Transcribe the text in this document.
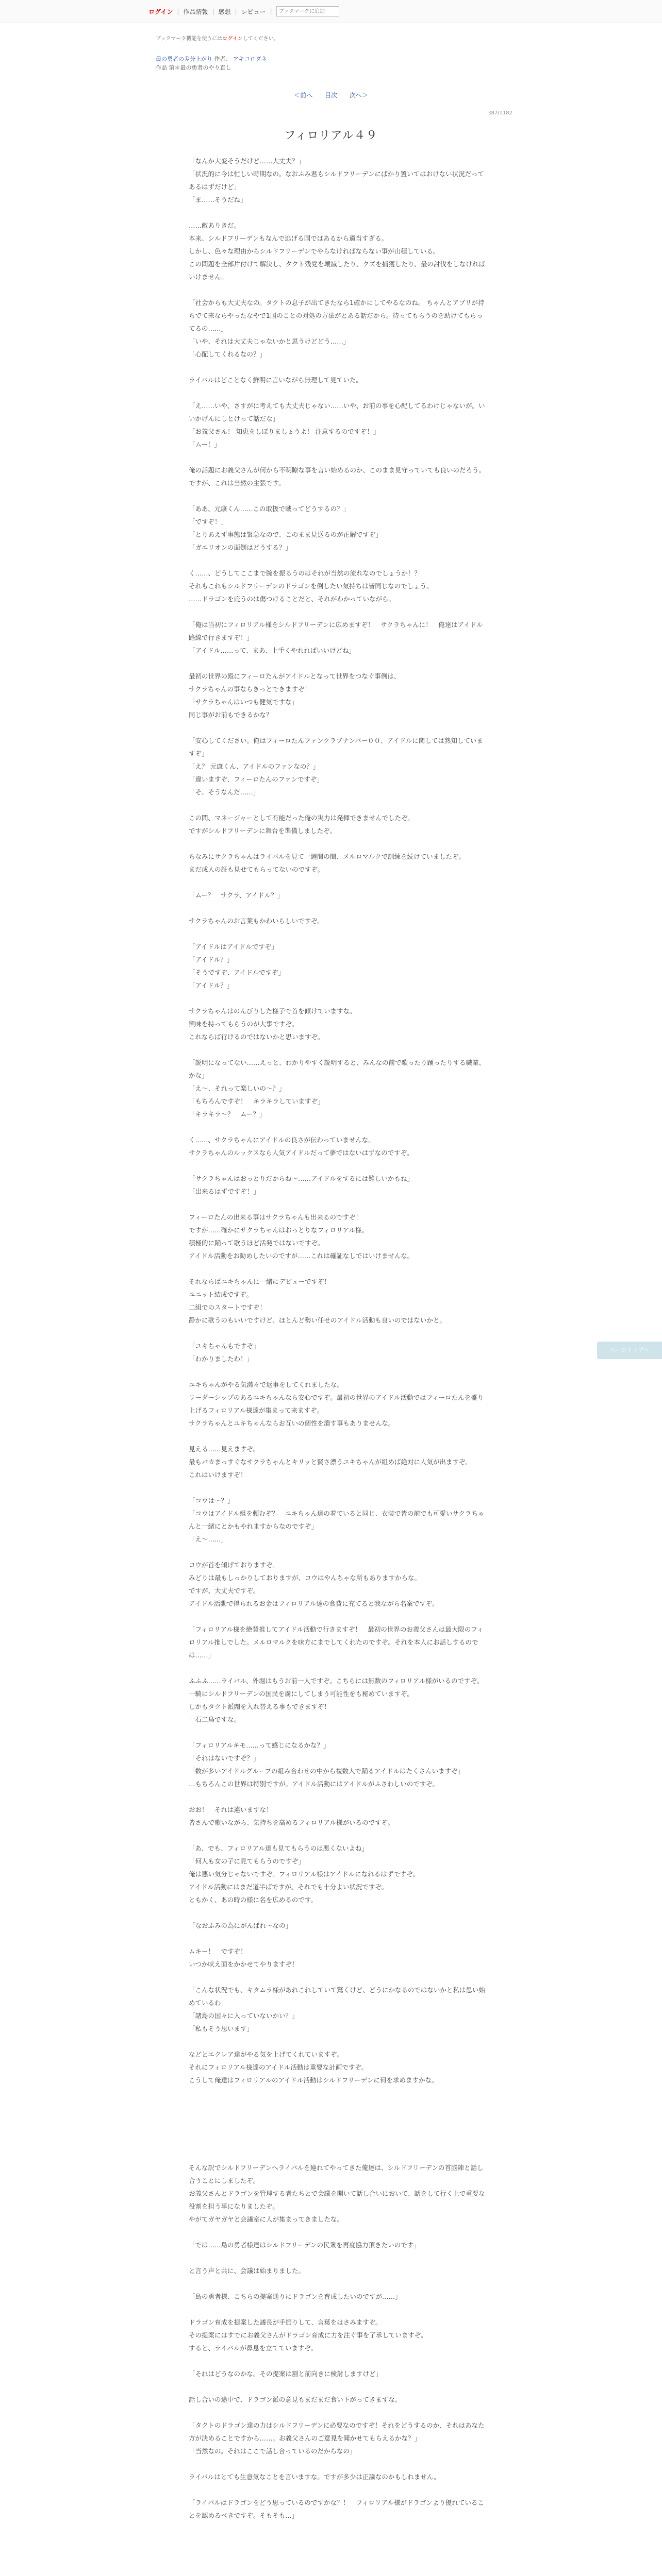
ログイン | 作品情報 | 感想 | レビュー |
ブックマークに追加
ブックマーク機能を使うにはログインしてください。
最の勇者の差分上がり 作者： アキコロダネ
作品 第＊最の勇者のやり直し
＜前へ 目次 次へ＞
387/1182
フィロリアル４９

「なんか大変そうだけど……大丈夫？」
「状況的に今は忙しい時期なの。なおふみ君もシルドフリーデンにばかり置いてはおけない状況だってあるはずだけど」
「ま……そうだね」

……敵ありきだ。
本来、シルドフリーデンもなんで逃げる国ではあるから適当すぎる。
しかし、色々な理由からシルドフリーデンでやらなければならない事が山積している。
この問題を全部片付けて解決し、タクト残党を壊滅したり、クズを捕獲したり、最の討伐をしなければいけません。

「社会からも大丈夫なの。タクトの息子が出てきたなら1確かにしてやるなのね。 ちゃんとアブリが持ちでて来ならやったなやで1国のことの対処の方法がとある話だから。待ってもらうのを助けてもらってるの……」
「いや、それは大丈夫じゃないかと思うけどどう……」
「心配してくれるなの？」

ライバルはどことなく鮮明に言いながら無理して見ていた。

「え……いや、さすがに考えても大丈夫じゃない……いや、お前の事を心配してるわけじゃないが。いいかげんにしとけって話だな」
「お義父さん！ 知恵をしぼりましょうよ！ 注意するのですぞ！」
「ムー！」

俺の話題にお義父さんが何から不明瞭な事を言い始めるのか、このまま見守っていても良いのだろう。
ですが、これは当然の主張です。

「ああ、元康くん……この取扱で戦ってどうするの？」
「ですぞ！」
「とりあえず事態は緊急なので、このまま見送るのが正解ですぞ」
「ガエリオンの面倒はどうする？」

く……、どうしてここまで腕を振るうのはそれが当然の流れなのでしょうか！？
それもこれもシルドフリーデンのドラゴンを倒したい気持ちは皆同じなのでしょう。
……ドラゴンを庇うのは傷つけることだと、それがわかっていながら。

「俺は当初にフィロリアル様をシルドフリーデンに広めますぞ！　サクラちゃんに！　俺達はアイドル路線で行きますぞ！」
「アイドル……って、まあ、上手くやれればいいけどね」

最初の世界の殿にフィーロたんがアイドルとなって世界をつなぐ事例は、
サクラちゃんの事ならきっとできますぞ！
「サクラちゃんはいつも健気ですな」
同じ事がお前もできるかな？

「安心してください。俺はフィーロたんファンクラブナンバー００、アイドルに関しては熟知していますぞ」
「え？ 元康くん、アイドルのファンなの？」
「違いますぞ、フィーロたんのファンですぞ」
「そ、そうなんだ……」

この間、マネージャーとして有能だった俺の実力は発揮できませんでしたぞ。
ですがシルドフリーデンに舞台を準備しましたぞ。

ちなみにサクラちゃんはライバルを見て一週間の間、メルロマルクで訓練を続けていましたぞ。
まだ成人の証も見せてもらってないのですぞ。

「ムー？　サクラ、アイドル？」

サクラちゃんのお言葉もかわいらしいですぞ。

「アイドルはアイドルですぞ」
「アイドル？」
「そうですぞ、アイドルですぞ」
「アイドル？」

サクラちゃんはのんびりした様子で首を傾けていますな。
興味を持ってもらうのが大事ですぞ。
これならば行けるのではないかと思いますぞ。

「説明になってない……えっと、わかりやすく説明すると、みんなの前で歌ったり踊ったりする職業、かな」
「え～、それって楽しいの～？」
「もちろんですぞ！　キラキラしていますぞ」
「キラキラ～？　ムー？」

く……、サクラちゃんにアイドルの良さが伝わっていませんな。
サクラちゃんのルックスなら人気アイドルだって夢ではないはずなのですぞ。

「サクラちゃんはおっとりだからね～……アイドルをするには難しいかもね」
「出来るはずですぞ！」

フィーロたんの出来る事はサクラちゃんも出来るのですぞ！
ですが……確かにサクラちゃんはおっとりなフィロリアル様。
積極的に踊って歌うほど活発ではないですぞ。
アイドル活動をお勧めしたいのですが……これは確証なしではいけませんな。

それならばユキちゃんに一緒にデビューですぞ！
ユニット結成ですぞ。
二組でのスタートですぞ！
静かに歌うのもいいですけど、ほとんど勢い任せのアイドル活動も良いのではないかと。

「ユキちゃんもですぞ」
「わかりましたわ！」

ユキちゃんがやる気満々で返事をしてくれましたな。
リーダーシップのあるユキちゃんなら安心ですぞ。最初の世界のアイドル活動ではフィーロたんを盛り上げるフィロリアル様達が集まって来ますぞ。
サクラちゃんとユキちゃんならお互いの個性を潰す事もありませんな。

見える……見えますぞ。
最もバカまっすぐなサクラちゃんとキリッと賢さ漂うユキちゃんが組めば絶対に人気が出ますぞ。
これはいけますぞ！

「コウは～？」
「コウはアイドル組を頼むぞ？　ユキちゃん達の着ていると同じ、衣装で皆の前でも可愛いサクラちゃんと一緒にとかもやれますからなのですぞ」
「え～……」

コウが首を傾げておりますぞ。
みどりは最もしっかりしておりますが、コウはやんちゃな所もありますからな。
ですが、大丈夫ですぞ。
アイドル活動で得られるお金はフィロリアル達の食費に充てると我ながら名案ですぞ。

「フィロリアル様を絶賛推してアイドル活動で行きますぞ！　最初の世界のお義父さんは最大限のフィロリアル推しでした。メルロマルクを味方にまでしてくれたのですぞ。それを本人にお話しするのでは……」

ふふふ……ライバル、外堀はもうお前一人ですぞ。こちらには無数のフィロリアル様がいるのですぞ。
一騎にシルドフリーデンの国民を虜にしてしまう可能性をも秘めていますぞ。
しかもタクト派閥を入れ替える事もできますぞ！
一石二鳥ですな。

「フィロリアルキモ……って感じになるかな？」
「それはないですぞ？」
「数が多いアイドルグループの組み合わせの中から複数人で踊るアイドルはたくさんいますぞ」
…もちろんこの世界は特別ですが。アイドル活動にはアイドルがふさわしいのですぞ。

おお！　それは違いますな！
皆さんで歌いながら、気持ちを高めるフィロリアル様がいるのですぞ。

「あ、でも、フィロリアル達も見てもらうのは悪くないよね」
「何人も女の子に見てもらうのですぞ」
俺は悪い気分じゃないですぞ。フィロリアル様はアイドルになれるはずですぞ。
アイドル活動にはまだ道半ばですが、それでも十分よい状況ですぞ。
ともかく、あの時の様に名を広めるのです。

「なおふみの為にがんばれ～なの」

ムキー！　ですぞ！
いつか吠え面をかかせてやりますぞ！

「こんな状況でも、キタムラ様があれこれしていて驚くけど、どうにかなるのではないかと私は思い始めているわ」
「諸島の国々に入っていないかい？」
「私もそう思います」

などとエクレア達がやる気を上げてくれていますぞ。
それにフィロリアル様達のアイドル活動は重要な計画ですぞ。
こうして俺達はフィロリアルのアイドル活動はシルドフリーデンに何を求めますかな。

そんな訳でシルドフリーデンへライバルを連れてやってきた俺達は、シルドフリーデンの首脳陣と話し合うことにしましたぞ。
お義父さんとドラゴンを管理する者たちとで会議を開いて話し合いにおいて、話をして行く上で重要な役割を担う事になりましたぞ。
やがてガヤガヤと会議室に人が集まってきましたな。

「では……島の勇者様達はシルドフリーデンの民衆を再度協力頂きたいのです」

と言う声と共に、会議は始まりました。

「島の勇者様、こちらの提案通りにドラゴンを育成したいのですが……」

ドラゴン育成を提案した議長が手振りして、言葉をはさみますぞ。
その提案にはすでにお義父さんがドラゴン育成に力を注ぐ事を了承していますぞ。
すると、ライバルが鼻息を立てていますぞ。

「それはどうなのかな。その提案は割と前向きに検討しますけど」

話し合いの途中で、ドラゴン派の意見もまだまだ食い下がってきますな。

「タクトのドラゴン達の力はシルドフリーデンに必要なのですぞ！それをどうするのか、それはあなた方が決めることですから……。お義父さんのご意見を聞かせてもらえるかな？」
「当然なの。それはここで話し合っているのだからなの」

ライバルはとても生意気なことを言いますな。ですが多少は正論なのかもしれません。

「ライバルはドラゴンをどう思っているのですかな？！　フィロリアル様がドラゴンより優れていることを認めるべきですぞ。そもそも…」

ページトップへ
